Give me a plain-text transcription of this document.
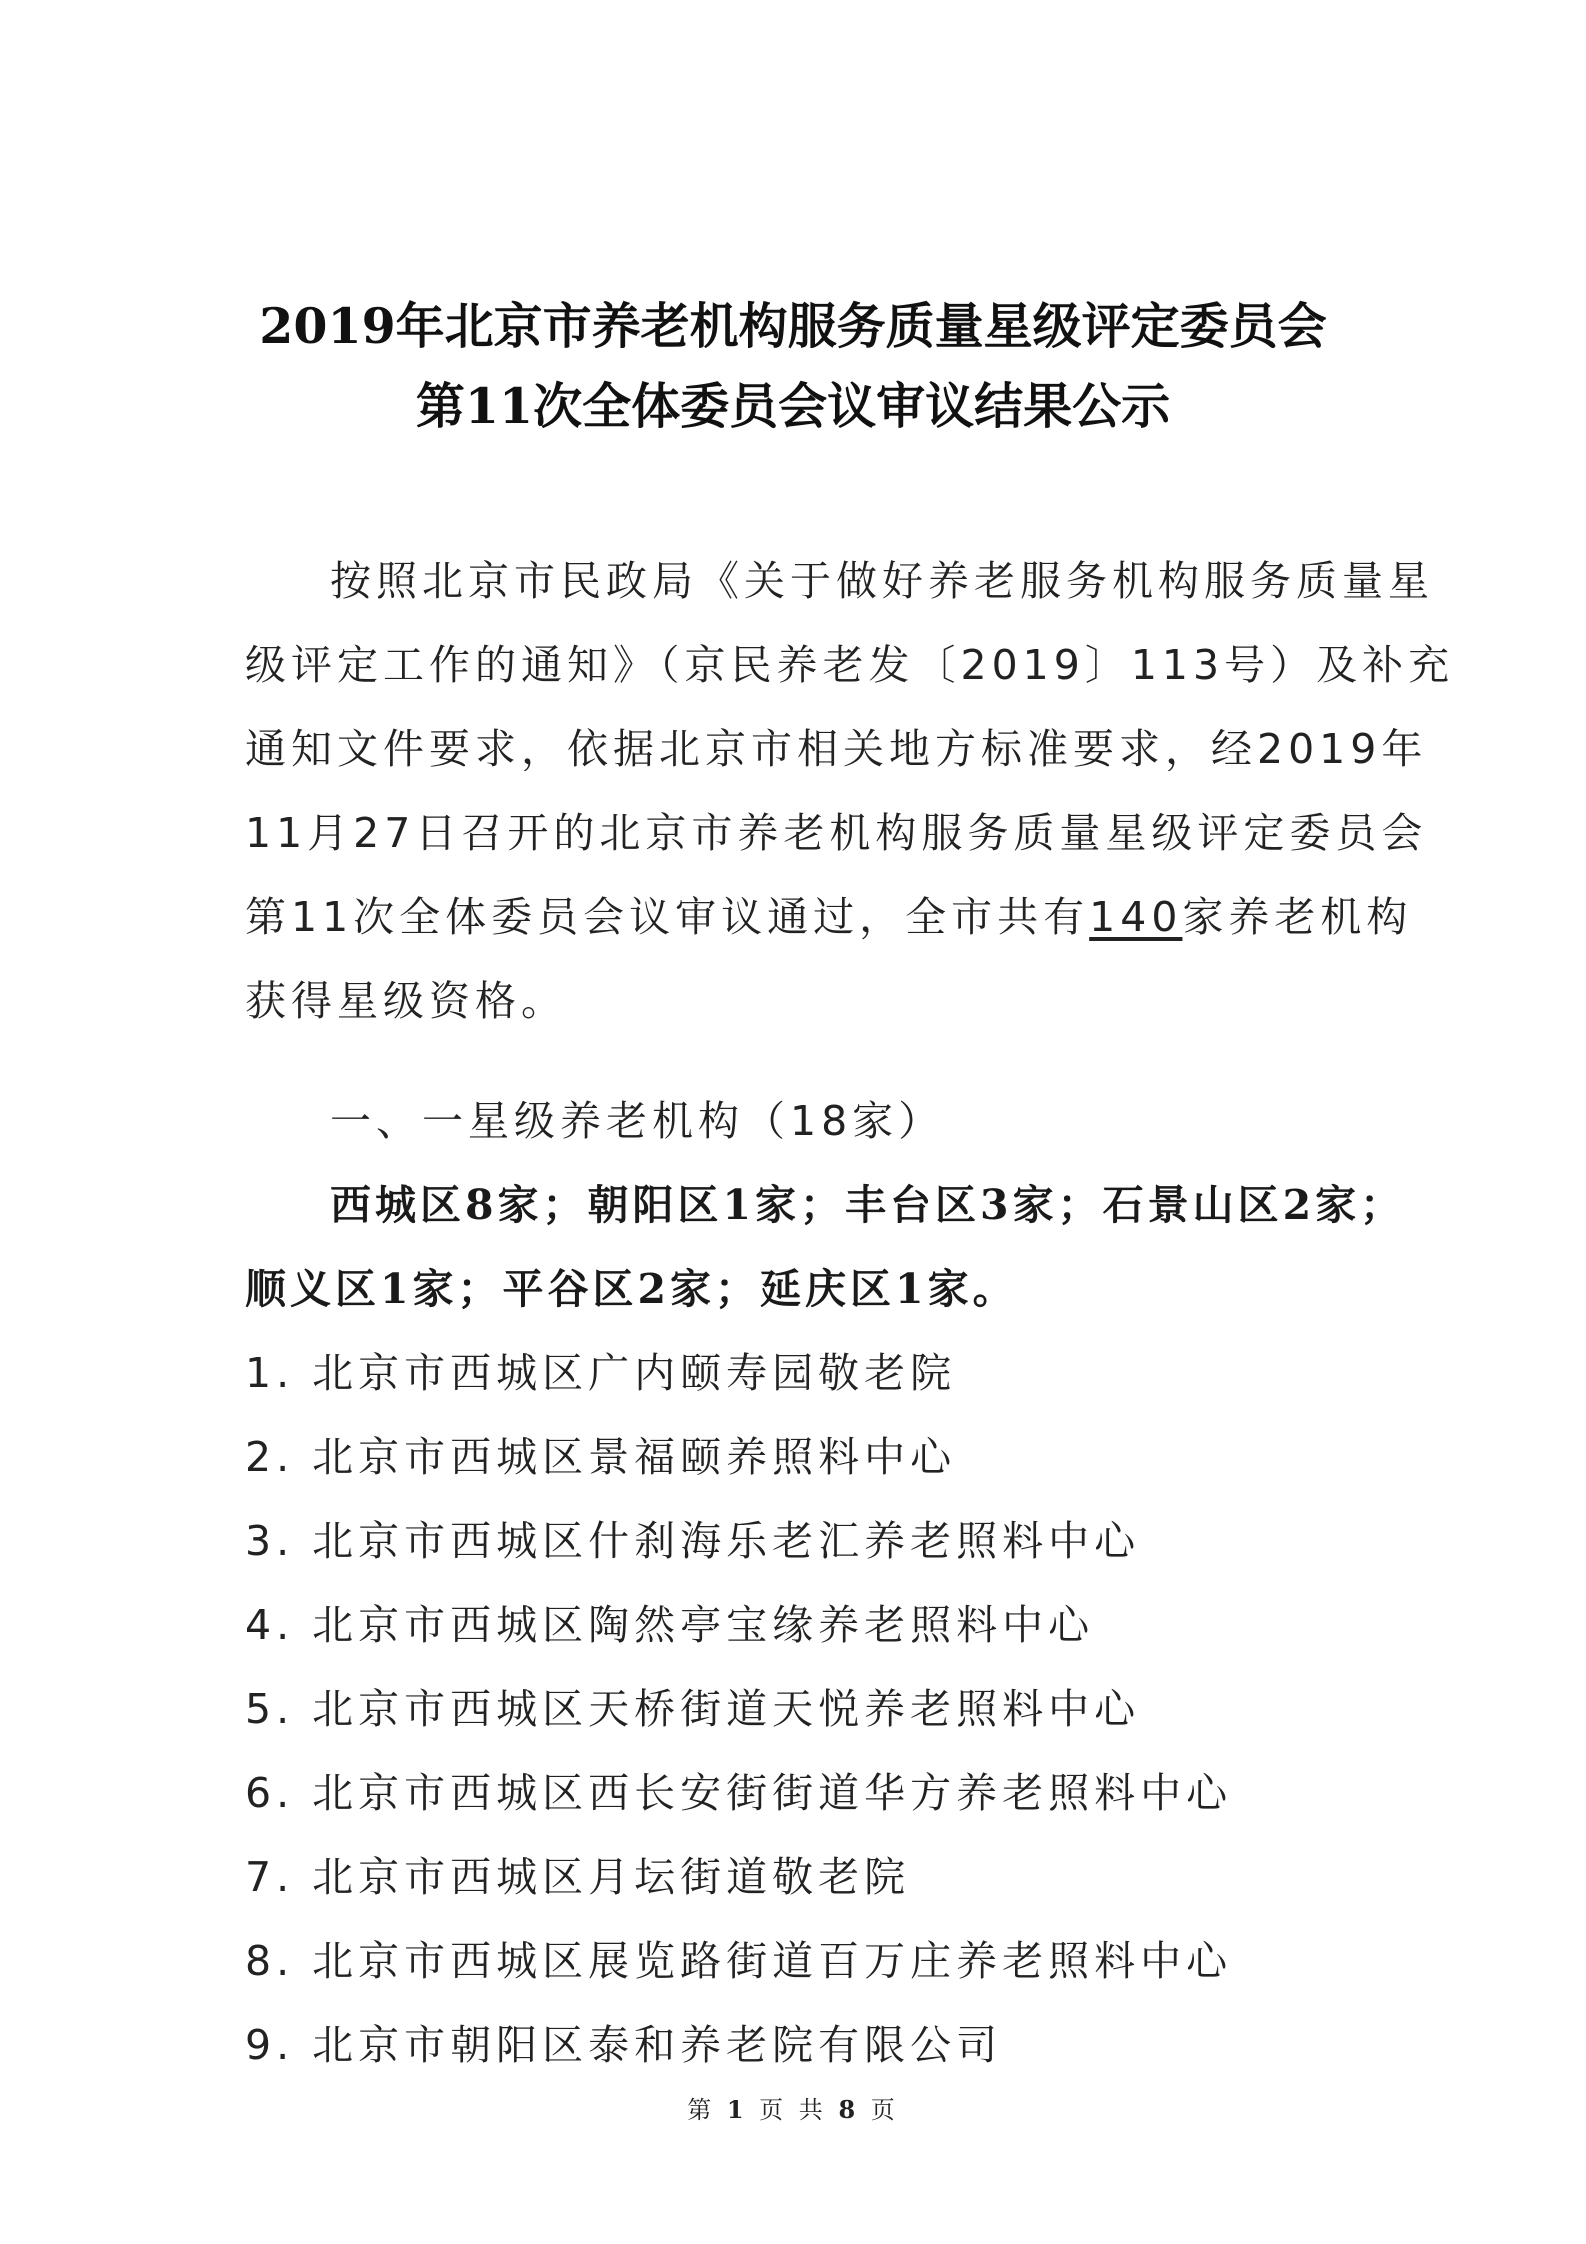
2019年北京市养老机构服务质量星级评定委员会
第11次全体委员会议审议结果公示
按照北京市民政局《关于做好养老服务机构服务质量星
级评定工作的通知》（京民养老发〔2019〕113号）及补充
通知文件要求，依据北京市相关地方标准要求，经2019年
11月27日召开的北京市养老机构服务质量星级评定委员会
第11次全体委员会议审议通过，全市共有140家养老机构
获得星级资格。
一、一星级养老机构（18家）
西城区8家；朝阳区1家；丰台区3家；石景山区2家；
顺义区1家；平谷区2家；延庆区1家。
1. 北京市西城区广内颐寿园敬老院
2. 北京市西城区景福颐养照料中心
3. 北京市西城区什刹海乐老汇养老照料中心
4. 北京市西城区陶然亭宝缘养老照料中心
5. 北京市西城区天桥街道天悦养老照料中心
6. 北京市西城区西长安街街道华方养老照料中心
7. 北京市西城区月坛街道敬老院
8. 北京市西城区展览路街道百万庄养老照料中心
9. 北京市朝阳区泰和养老院有限公司
第 1 页 共 8 页
